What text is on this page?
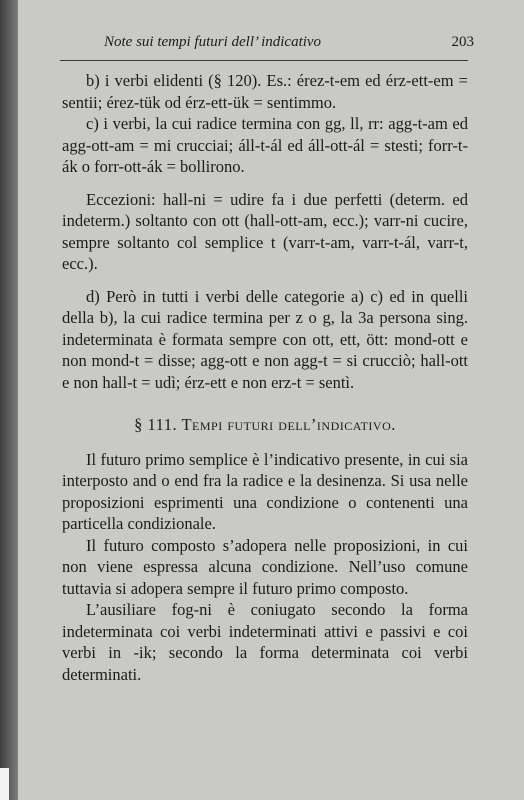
Note sui tempi futuri dell’ indicativo	203

b) i verbi elidenti (§ 120). Es.: érez-t-em ed érz-ett-em = sentii; érez-tük od érz-ett-ük = sentimmo.

c) i verbi, la cui radice termina con gg, ll, rr: agg-t-am ed agg-ott-am = mi crucciai; áll-t-ál ed áll-ott-ál = stesti; forr-t-ák o forr-ott-ák = bollirono.

Eccezioni: hall-ni = udire fa i due perfetti (determ. ed indeterm.) soltanto con ott (hall-ott-am, ecc.); varr-ni cucire, sempre soltanto col semplice t (varr-t-am, varr-t-ál, varr-t, ecc.).

d) Però in tutti i verbi delle categorie a) c) ed in quelli della b), la cui radice termina per z o g, la 3a persona sing. indeterminata è formata sempre con ott, ett, ött: mond-ott e non mond-t = disse; agg-ott e non agg-t = si crucciò; hall-ott e non hall-t = udì; érz-ett e non erz-t = sentì.

§ 111. Tempi futuri dell’indicativo.

Il futuro primo semplice è l’indicativo presente, in cui sia interposto and o end fra la radice e la desinenza. Si usa nelle proposizioni esprimenti una condizione o contenenti una particella condizionale.

Il futuro composto s’adopera nelle proposizioni, in cui non viene espressa alcuna condizione. Nell’uso comune tuttavia si adopera sempre il futuro primo composto.

L’ausiliare fog-ni è coniugato secondo la forma indeterminata coi verbi indeterminati attivi e passivi e coi verbi in -ik; secondo la forma determinata coi verbi determinati.
